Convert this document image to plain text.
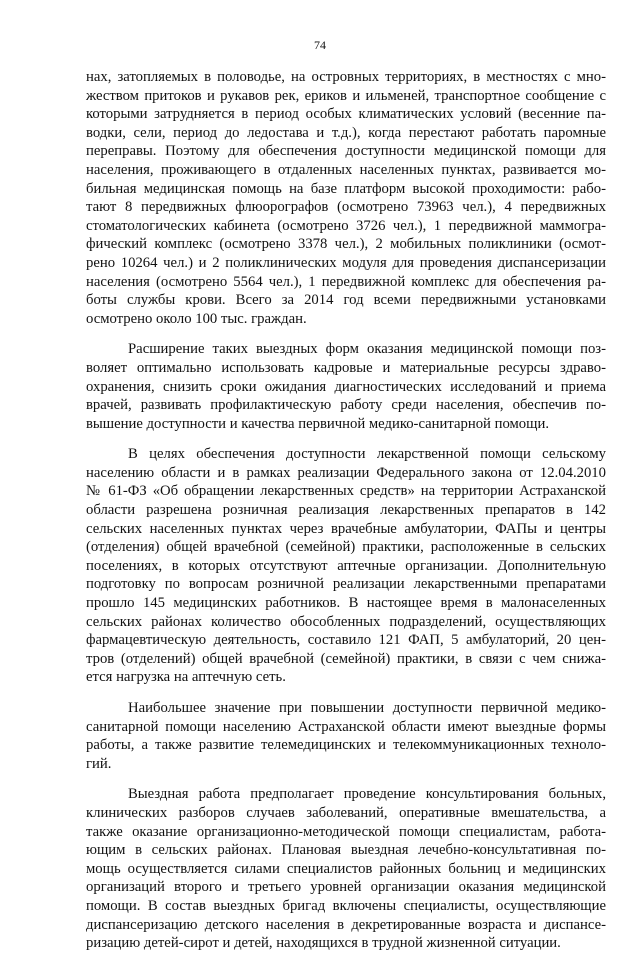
74
нах, затопляемых в половодье, на островных территориях, в местностях с мно-
жеством притоков и рукавов рек, ериков и ильменей, транспортное сообщение с
которыми затрудняется в период особых климатических условий (весенние па-
водки, сели, период до ледостава и т.д.), когда перестают работать паромные
переправы. Поэтому для обеспечения доступности медицинской помощи для
населения, проживающего в отдаленных населенных пунктах, развивается мо-
бильная медицинская помощь на базе платформ высокой проходимости: рабо-
тают 8 передвижных флюорографов (осмотрено 73963 чел.), 4 передвижных
стоматологических кабинета (осмотрено 3726 чел.), 1 передвижной маммогра-
фический комплекс (осмотрено 3378 чел.), 2 мобильных поликлиники (осмот-
рено 10264 чел.) и 2 поликлинических модуля для проведения диспансеризации
населения (осмотрено 5564 чел.), 1 передвижной комплекс для обеспечения ра-
боты службы крови. Всего за 2014 год всеми передвижными установками
осмотрено около 100 тыс. граждан.
Расширение таких выездных форм оказания медицинской помощи поз-
воляет оптимально использовать кадровые и материальные ресурсы здраво-
охранения, снизить сроки ожидания диагностических исследований и приема
врачей, развивать профилактическую работу среди населения, обеспечив по-
вышение доступности и качества первичной медико-санитарной помощи.
В целях обеспечения доступности лекарственной помощи сельскому
населению области и в рамках реализации Федерального закона от 12.04.2010
№ 61-ФЗ «Об обращении лекарственных средств» на территории Астраханской
области разрешена розничная реализация лекарственных препаратов в 142
сельских населенных пунктах через врачебные амбулатории, ФАПы и центры
(отделения) общей врачебной (семейной) практики, расположенные в сельских
поселениях, в которых отсутствуют аптечные организации. Дополнительную
подготовку по вопросам розничной реализации лекарственными препаратами
прошло 145 медицинских работников. В настоящее время в малонаселенных
сельских районах количество обособленных подразделений, осуществляющих
фармацевтическую деятельность, составило 121 ФАП, 5 амбулаторий, 20 цен-
тров (отделений) общей врачебной (семейной) практики, в связи с чем снижа-
ется нагрузка на аптечную сеть.
Наибольшее значение при повышении доступности первичной медико-
санитарной помощи населению Астраханской области имеют выездные формы
работы, а также развитие телемедицинских и телекоммуникационных техноло-
гий.
Выездная работа предполагает проведение консультирования больных,
клинических разборов случаев заболеваний, оперативные вмешательства, а
также оказание организационно-методической помощи специалистам, работа-
ющим в сельских районах. Плановая выездная лечебно-консультативная по-
мощь осуществляется силами специалистов районных больниц и медицинских
организаций второго и третьего уровней организации оказания медицинской
помощи. В состав выездных бригад включены специалисты, осуществляющие
диспансеризацию детского населения в декретированные возраста и диспансе-
ризацию детей-сирот и детей, находящихся в трудной жизненной ситуации.
